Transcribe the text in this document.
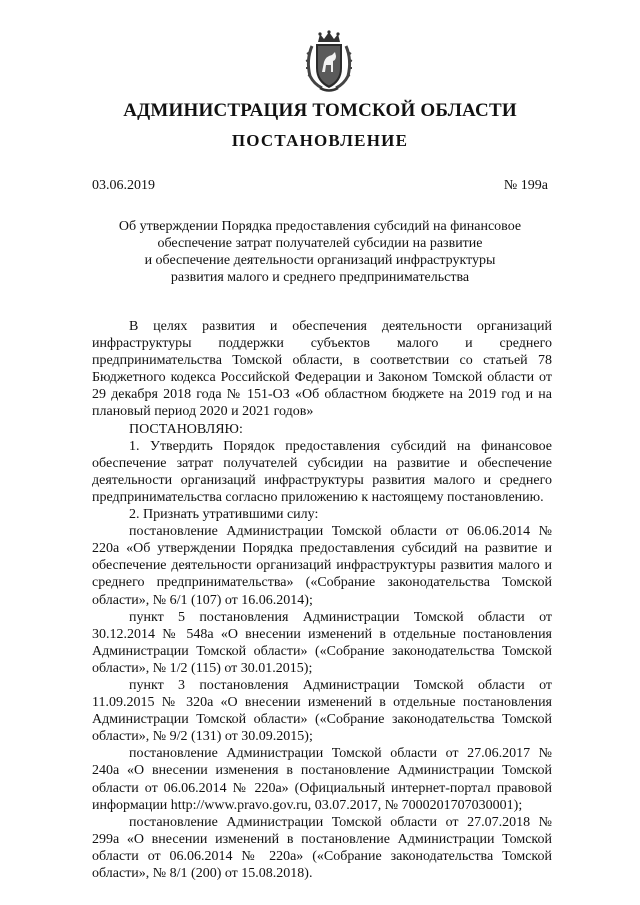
АДМИНИСТРАЦИЯ ТОМСКОЙ ОБЛАСТИ
ПОСТАНОВЛЕНИЕ
03.06.2019	№ 199а
Об утверждении Порядка предоставления субсидий на финансовое
обеспечение затрат получателей субсидии на развитие
и обеспечение деятельности организаций инфраструктуры
развития малого и среднего предпринимательства

В целях развития и обеспечения деятельности организаций инфраструктуры поддержки субъектов малого и среднего предпринимательства Томской области, в соответствии со статьей 78 Бюджетного кодекса Российской Федерации и Законом Томской области от 29 декабря 2018 года № 151-ОЗ «Об областном бюджете на 2019 год и на плановый период 2020 и 2021 годов»

ПОСТАНОВЛЯЮ:

1. Утвердить Порядок предоставления субсидий на финансовое обеспечение затрат получателей субсидии на развитие и обеспечение деятельности организаций инфраструктуры развития малого и среднего предпринимательства согласно приложению к настоящему постановлению.

2. Признать утратившими силу:

постановление Администрации Томской области от 06.06.2014 № 220а «Об утверждении Порядка предоставления субсидий на развитие и обеспечение деятельности организаций инфраструктуры развития малого и среднего предпринимательства» («Собрание законодательства Томской области», № 6/1 (107) от 16.06.2014);

пункт 5 постановления Администрации Томской области от 30.12.2014 № 548а «О внесении изменений в отдельные постановления Администрации Томской области» («Собрание законодательства Томской области», № 1/2 (115) от 30.01.2015);

пункт 3 постановления Администрации Томской области от 11.09.2015 № 320а «О внесении изменений в отдельные постановления Администрации Томской области» («Собрание законодательства Томской области», № 9/2 (131) от 30.09.2015);

постановление Администрации Томской области от 27.06.2017 № 240а «О внесении изменения в постановление Администрации Томской области от 06.06.2014 № 220а» (Официальный интернет-портал правовой информации http://www.pravo.gov.ru, 03.07.2017, № 7000201707030001);

постановление Администрации Томской области от 27.07.2018 № 299а «О внесении изменений в постановление Администрации Томской области от 06.06.2014 № 220а» («Собрание законодательства Томской области», № 8/1 (200) от 15.08.2018).
